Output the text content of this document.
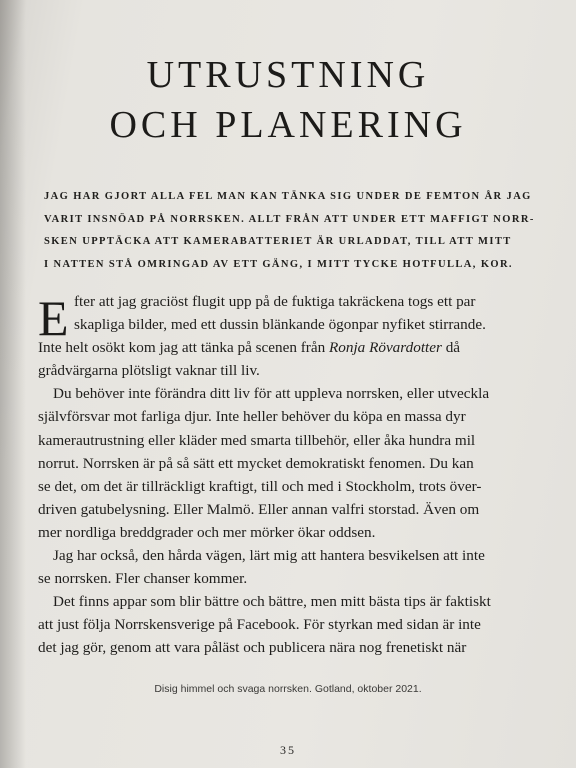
UTRUSTNING
OCH PLANERING
JAG HAR GJORT ALLA FEL MAN KAN TÄNKA SIG UNDER DE FEMTON ÅR JAG
VARIT INSNÖAD PÅ NORRSKEN. ALLT FRÅN ATT UNDER ETT MAFFIGT NORR-
SKEN UPPTÄCKA ATT KAMERABATTERIET ÄR URLADDAT, TILL ATT MITT
I NATTEN STÅ OMRINGAD AV ETT GÄNG, I MITT TYCKE HOTFULLA, KOR.
E fter att jag graciöst flugit upp på de fuktiga takräckena togs ett par
skapliga bilder, med ett dussin blänkande ögonpar nyfiket stirrande.
Inte helt osökt kom jag att tänka på scenen från Ronja Rövardotter då
grådvärgarna plötsligt vaknar till liv.
Du behöver inte förändra ditt liv för att uppleva norrsken, eller utveckla
självförsvar mot farliga djur. Inte heller behöver du köpa en massa dyr
kamerautrustning eller kläder med smarta tillbehör, eller åka hundra mil
norrut. Norrsken är på så sätt ett mycket demokratiskt fenomen. Du kan
se det, om det är tillräckligt kraftigt, till och med i Stockholm, trots över-
driven gatubelysning. Eller Malmö. Eller annan valfri storstad. Även om
mer nordliga breddgrader och mer mörker ökar oddsen.
Jag har också, den hårda vägen, lärt mig att hantera besvikelsen att inte
se norrsken. Fler chanser kommer.
Det finns appar som blir bättre och bättre, men mitt bästa tips är faktiskt
att just följa Norrskensverige på Facebook. För styrkan med sidan är inte
det jag gör, genom att vara påläst och publicera nära nog frenetiskt när
Disig himmel och svaga norrsken. Gotland, oktober 2021.
35
